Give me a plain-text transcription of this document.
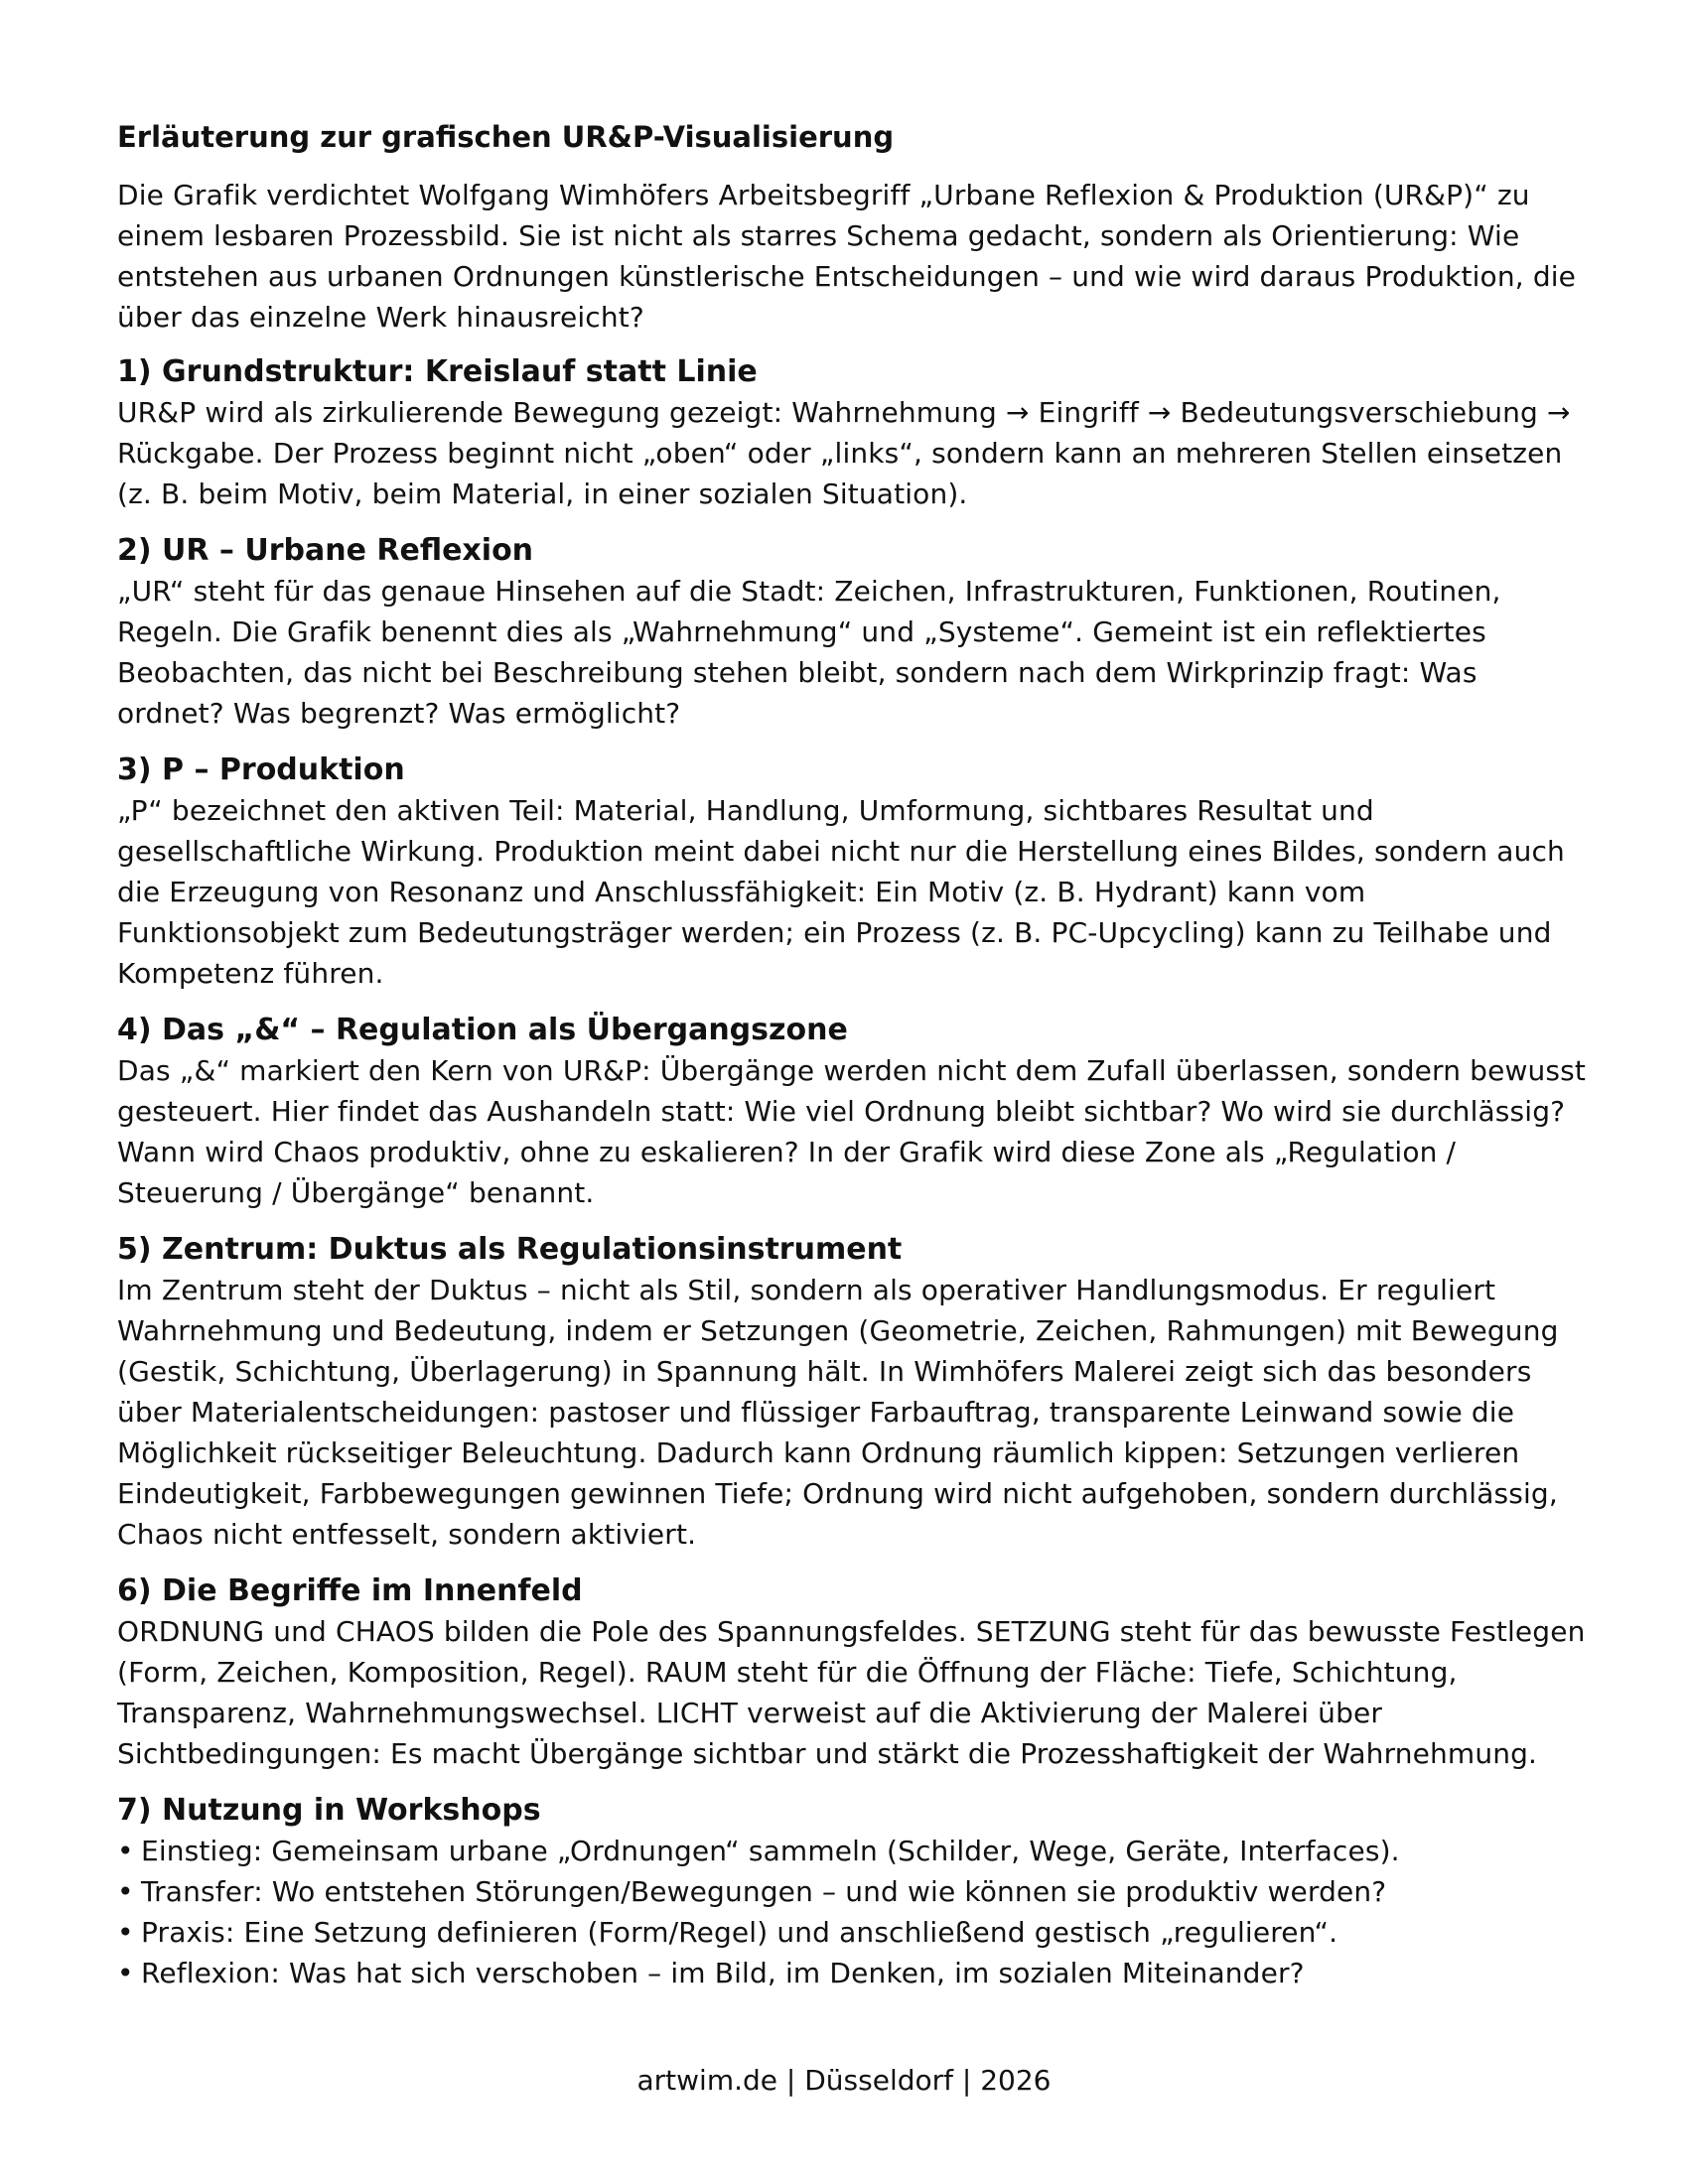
Erläuterung zur grafischen UR&P-Visualisierung

Die Grafik verdichtet Wolfgang Wimhöfers Arbeitsbegriff „Urbane Reflexion & Produktion (UR&P)“ zu einem lesbaren Prozessbild. Sie ist nicht als starres Schema gedacht, sondern als Orientierung: Wie entstehen aus urbanen Ordnungen künstlerische Entscheidungen – und wie wird daraus Produktion, die über das einzelne Werk hinausreicht?

1) Grundstruktur: Kreislauf statt Linie

UR&P wird als zirkulierende Bewegung gezeigt: Wahrnehmung → Eingriff → Bedeutungsverschiebung → Rückgabe. Der Prozess beginnt nicht „oben“ oder „links“, sondern kann an mehreren Stellen einsetzen (z. B. beim Motiv, beim Material, in einer sozialen Situation).

2) UR – Urbane Reflexion

„UR“ steht für das genaue Hinsehen auf die Stadt: Zeichen, Infrastrukturen, Funktionen, Routinen, Regeln. Die Grafik benennt dies als „Wahrnehmung“ und „Systeme“. Gemeint ist ein reflektiertes Beobachten, das nicht bei Beschreibung stehen bleibt, sondern nach dem Wirkprinzip fragt: Was ordnet? Was begrenzt? Was ermöglicht?

3) P – Produktion

„P“ bezeichnet den aktiven Teil: Material, Handlung, Umformung, sichtbares Resultat und gesellschaftliche Wirkung. Produktion meint dabei nicht nur die Herstellung eines Bildes, sondern auch die Erzeugung von Resonanz und Anschlussfähigkeit: Ein Motiv (z. B. Hydrant) kann vom Funktionsobjekt zum Bedeutungsträger werden; ein Prozess (z. B. PC-Upcycling) kann zu Teilhabe und Kompetenz führen.

4) Das „&“ – Regulation als Übergangszone

Das „&“ markiert den Kern von UR&P: Übergänge werden nicht dem Zufall überlassen, sondern bewusst gesteuert. Hier findet das Aushandeln statt: Wie viel Ordnung bleibt sichtbar? Wo wird sie durchlässig? Wann wird Chaos produktiv, ohne zu eskalieren? In der Grafik wird diese Zone als „Regulation / Steuerung / Übergänge“ benannt.

5) Zentrum: Duktus als Regulationsinstrument

Im Zentrum steht der Duktus – nicht als Stil, sondern als operativer Handlungsmodus. Er reguliert Wahrnehmung und Bedeutung, indem er Setzungen (Geometrie, Zeichen, Rahmungen) mit Bewegung (Gestik, Schichtung, Überlagerung) in Spannung hält. In Wimhöfers Malerei zeigt sich das besonders über Materialentscheidungen: pastoser und flüssiger Farbauftrag, transparente Leinwand sowie die Möglichkeit rückseitiger Beleuchtung. Dadurch kann Ordnung räumlich kippen: Setzungen verlieren Eindeutigkeit, Farbbewegungen gewinnen Tiefe; Ordnung wird nicht aufgehoben, sondern durchlässig, Chaos nicht entfesselt, sondern aktiviert.

6) Die Begriffe im Innenfeld

ORDNUNG und CHAOS bilden die Pole des Spannungsfeldes. SETZUNG steht für das bewusste Festlegen (Form, Zeichen, Komposition, Regel). RAUM steht für die Öffnung der Fläche: Tiefe, Schichtung, Transparenz, Wahrnehmungswechsel. LICHT verweist auf die Aktivierung der Malerei über Sichtbedingungen: Es macht Übergänge sichtbar und stärkt die Prozesshaftigkeit der Wahrnehmung.

7) Nutzung in Workshops
• Einstieg: Gemeinsam urbane „Ordnungen“ sammeln (Schilder, Wege, Geräte, Interfaces).
• Transfer: Wo entstehen Störungen/Bewegungen – und wie können sie produktiv werden?
• Praxis: Eine Setzung definieren (Form/Regel) und anschließend gestisch „regulieren“.
• Reflexion: Was hat sich verschoben – im Bild, im Denken, im sozialen Miteinander?
artwim.de | Düsseldorf | 2026
